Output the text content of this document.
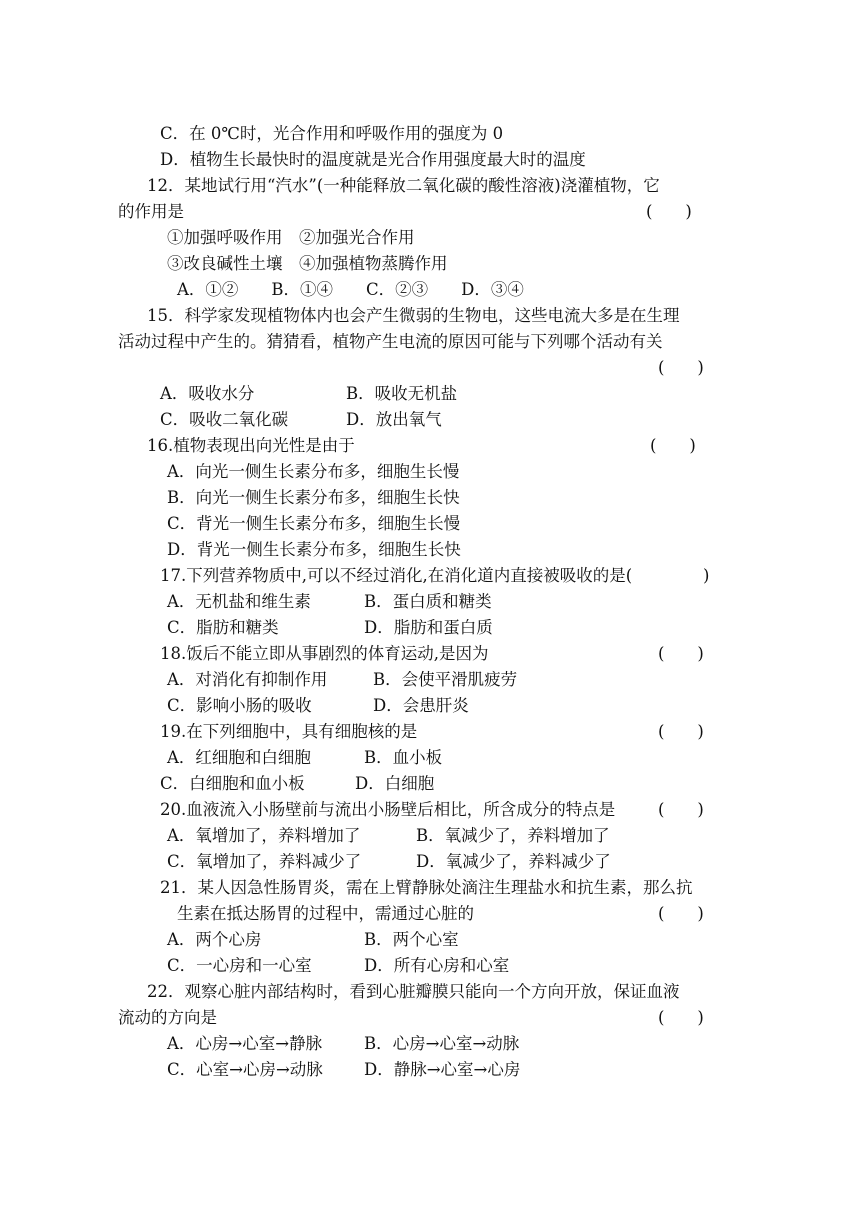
C．在 0℃时，光合作用和呼吸作用的强度为 0
D．植物生长最快时的温度就是光合作用强度最大时的温度
12．某地试行用“汽水”(一种能释放二氧化碳的酸性溶液)浇灌植物，它
的作用是	(　　)
①加强呼吸作用　②加强光合作用
③改良碱性土壤　④加强植物蒸腾作用
A．①②　　B．①④　　C．②③　　D．③④
15．科学家发现植物体内也会产生微弱的生物电，这些电流大多是在生理
活动过程中产生的。猜猜看，植物产生电流的原因可能与下列哪个活动有关
(　　)
A．吸收水分	B．吸收无机盐
C．吸收二氧化碳	D．放出氧气
16.植物表现出向光性是由于	(　　)
A．向光一侧生长素分布多，细胞生长慢
B．向光一侧生长素分布多，细胞生长快
C．背光一侧生长素分布多，细胞生长慢
D．背光一侧生长素分布多，细胞生长快
17.下列营养物质中,可以不经过消化,在消化道内直接被吸收的是(	)
A．无机盐和维生素	B．蛋白质和糖类
C．脂肪和糖类	D．脂肪和蛋白质
18.饭后不能立即从事剧烈的体育运动,是因为	(　　)
A．对消化有抑制作用	B．会使平滑肌疲劳
C．影响小肠的吸收	D．会患肝炎
19.在下列细胞中，具有细胞核的是	(　　)
A．红细胞和白细胞	B．血小板
C．白细胞和血小板	D．白细胞
20.血液流入小肠壁前与流出小肠壁后相比，所含成分的特点是	(　　)
A．氧增加了，养料增加了	B．氧减少了，养料增加了
C．氧增加了，养料减少了	D．氧减少了，养料减少了
21．某人因急性肠胃炎，需在上臂静脉处滴注生理盐水和抗生素，那么抗
生素在抵达肠胃的过程中，需通过心脏的	(　　)
A．两个心房	B．两个心室
C．一心房和一心室	D．所有心房和心室
22．观察心脏内部结构时，看到心脏瓣膜只能向一个方向开放，保证血液
流动的方向是	(　　)
A．心房→心室→静脉	B．心房→心室→动脉
C．心室→心房→动脉 D．静脉→心室→心房
